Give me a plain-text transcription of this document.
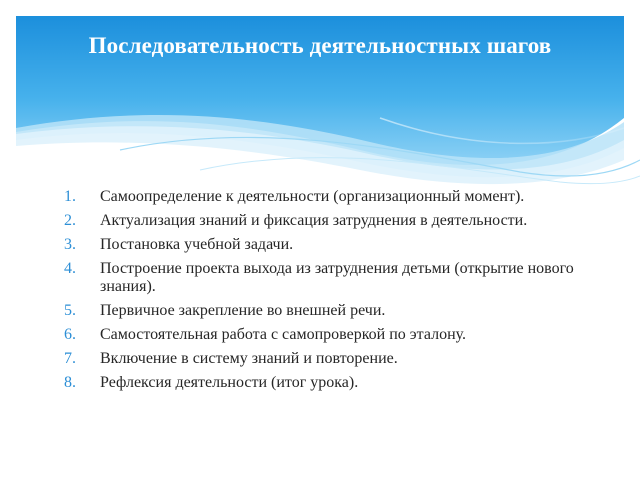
Последовательность деятельностных шагов
1. Самоопределение к деятельности (организационный момент).
2. Актуализация знаний и фиксация затруднения в деятельности.
3. Постановка учебной задачи.
4. Построение проекта выхода из затруднения детьми (открытие нового знания).
5. Первичное закрепление во внешней речи.
6. Самостоятельная работа с самопроверкой по эталону.
7. Включение в систему знаний и повторение.
8. Рефлексия деятельности (итог урока).
